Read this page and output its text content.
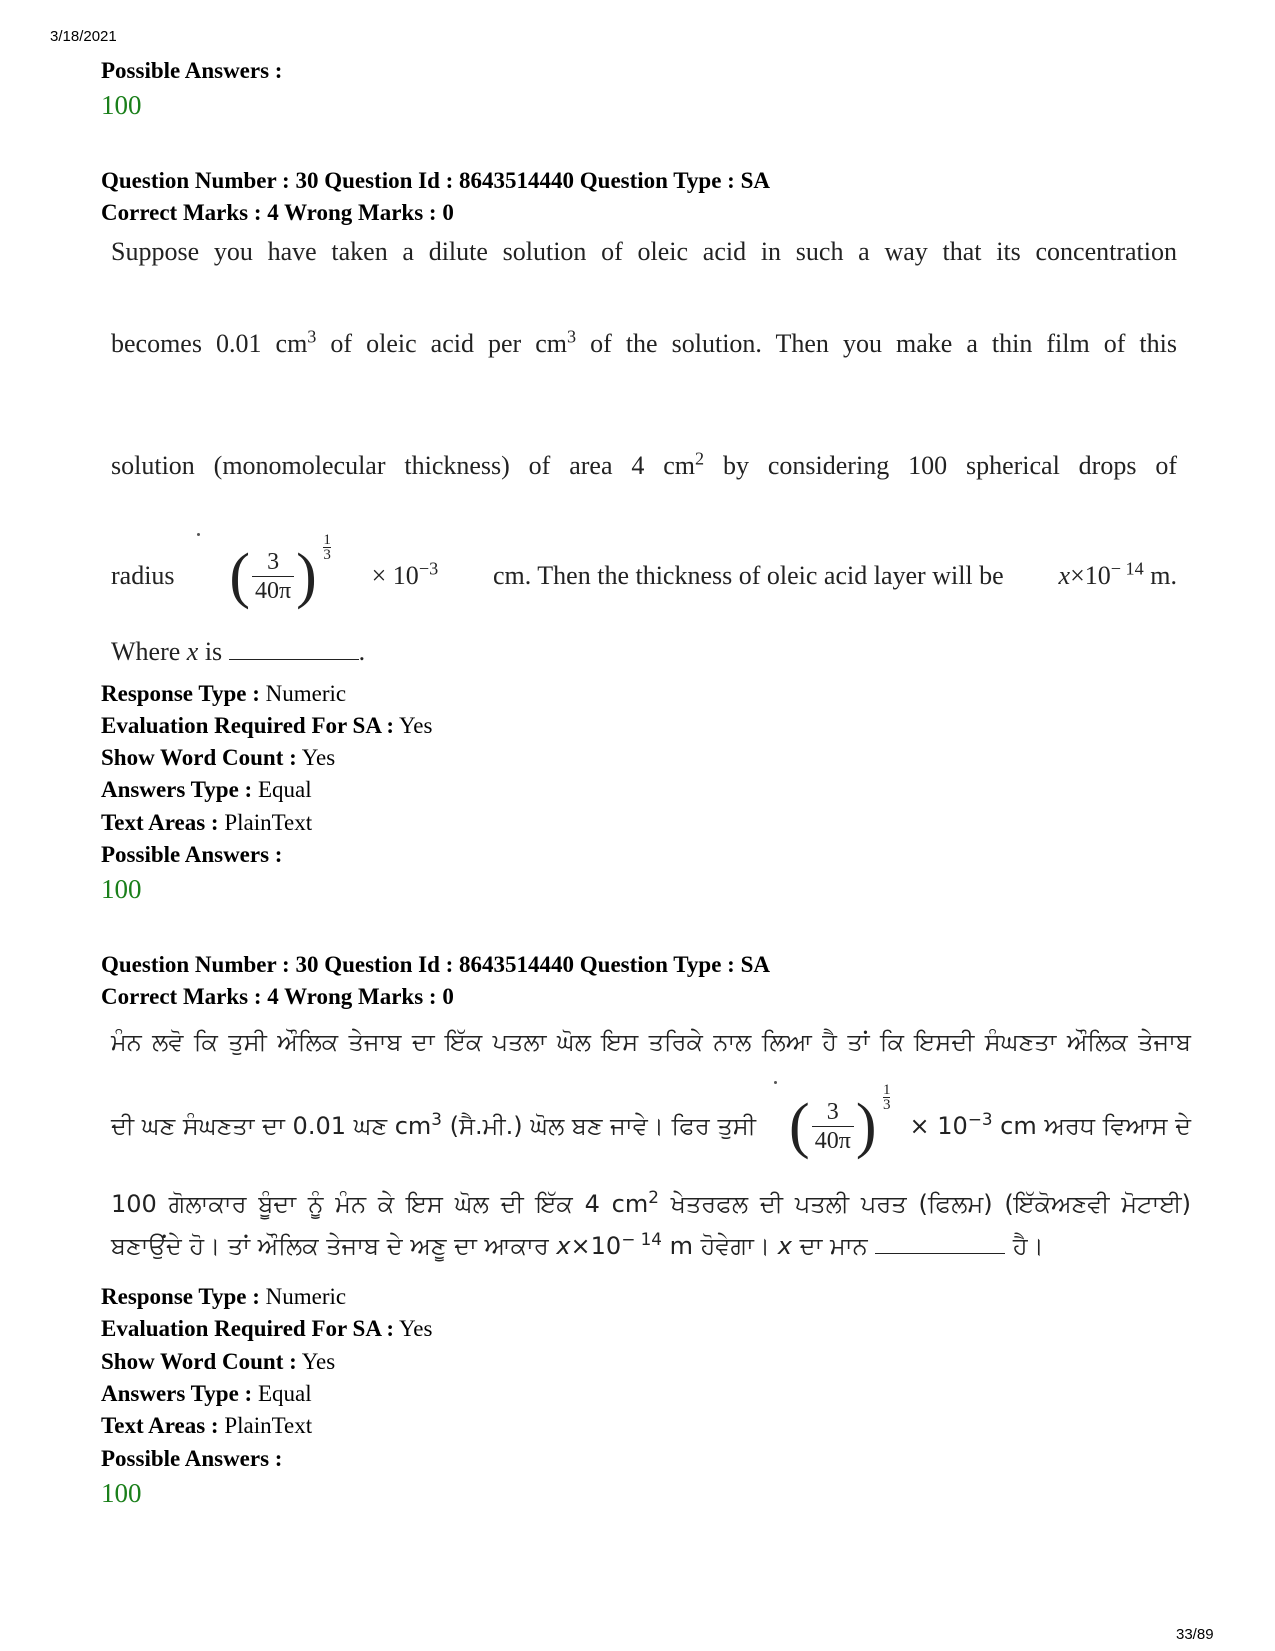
3/18/2021
Possible Answers :
100
Question Number : 30 Question Id : 8643514440 Question Type : SA
Correct Marks : 4 Wrong Marks : 0
Suppose you have taken a dilute solution of oleic acid in such a way that its concentration
becomes 0.01 $cm^3$ of oleic acid per $cm^3$ of the solution. Then you make a thin film of this
solution (monomolecular thickness) of area 4 $cm^2$ by considering 100 spherical drops of
radius ( $\frac{3}{40\pi}$ )
1
3
× $10^{-3}$ cm. Then the thickness of oleic acid layer will be $x\times 10^{- 14}$ m.
Where x is	.
Response Type : Numeric
Evaluation Required For SA : Yes
Show Word Count : Yes
Answers Type : Equal
Text Areas : PlainText
Possible Answers :
100
Question Number : 30 Question Id : 8643514440 Question Type : SA
Correct Marks : 4 Wrong Marks : 0
ਮੰਨ ਲਵੋ ਕਿ ਤੁਸੀ ਔਲਿਕ ਤੇਜਾਬ ਦਾ ਇੱਕ ਪਤਲਾ ਘੋਲ ਇਸ ਤਰਿਕੇ ਨਾਲ ਲਿਆ ਹੈ ਤਾਂ ਕਿ ਇਸਦੀ ਸੰਘਣਤਾ ਔਲਿਕ ਤੇਜਾਬ
ਦੀ ਘਣ ਸੰਘਣਤਾ ਦਾ 0.01 ਘਣ $cm^3$ (ਸੈ.ਮੀ.) ਘੋਲ ਬਣ ਜਾਵੇ। ਫਿਰ ਤੁਸੀ ( $\frac{3}{40\pi}$ )
1
3
× $10^{-3}$ cm ਅਰਧ ਵਿਆਸ ਦੇ
100 ਗੋਲਾਕਾਰ ਬੂੰਦਾ ਨੂੰ ਮੰਨ ਕੇ ਇਸ ਘੋਲ ਦੀ ਇੱਕ 4 $cm^2$ ਖੇਤਰਫਲ ਦੀ ਪਤਲੀ ਪਰਤ (ਫਿਲਮ) (ਇੱਕੋਅਣਵੀ ਮੋਟਾਈ)
ਬਣਾਉਂਦੇ ਹੋ। ਤਾਂ ਔਲਿਕ ਤੇਜਾਬ ਦੇ ਅਣੂ ਦਾ ਆਕਾਰ $x\times 10^{- 14}$ m ਹੋਵੇਗਾ। x ਦਾ ਮਾਨ	ਹੈ।
Response Type : Numeric
Evaluation Required For SA : Yes
Show Word Count : Yes
Answers Type : Equal
Text Areas : PlainText
Possible Answers :
100
33/89
